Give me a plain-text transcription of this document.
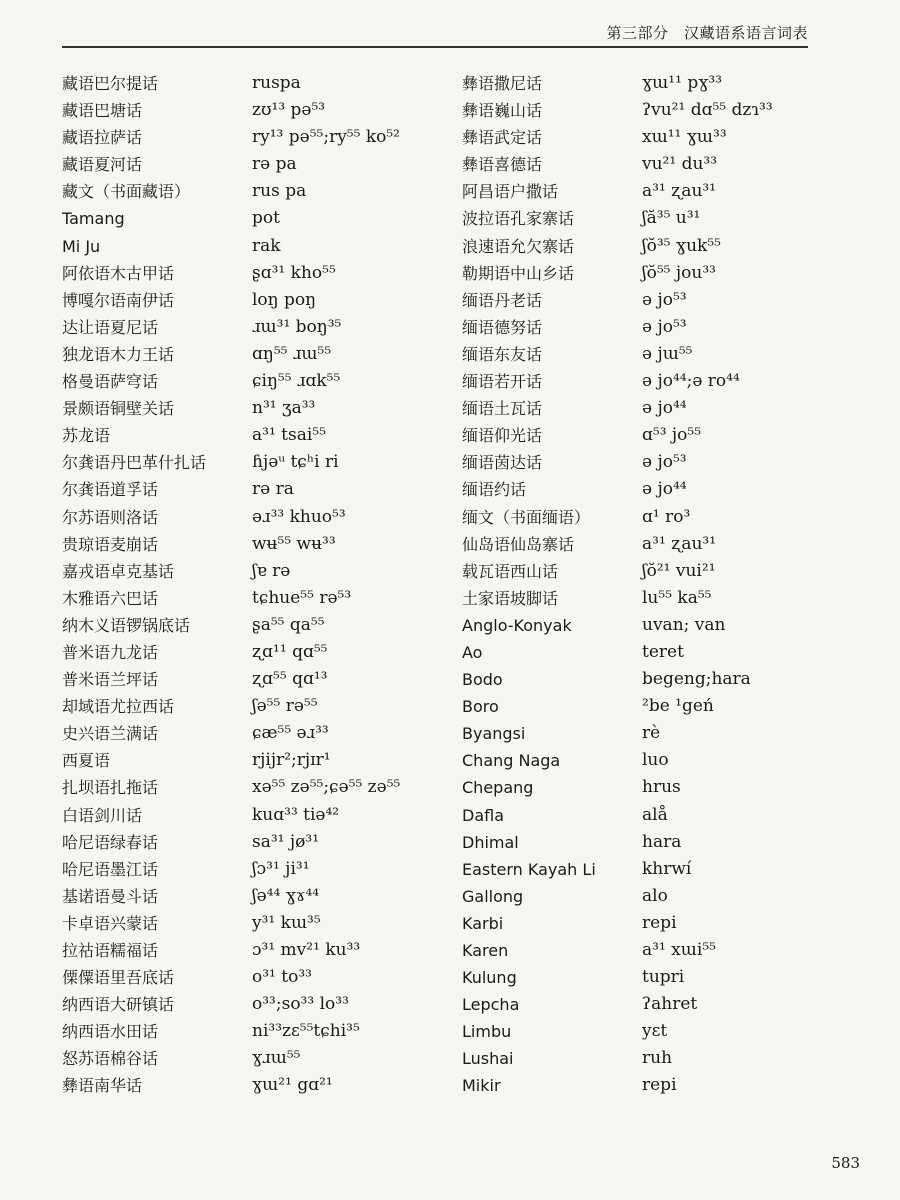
第三部分　汉藏语系语言词表
藏语巴尔提话	ruspa
藏语巴塘话	zʊ¹³ pə⁵³
藏语拉萨话	ry¹³ pə⁵⁵;ry⁵⁵ ko⁵²
藏语夏河话	rə pa
藏文（书面藏语）	rus pa
Tamang	pot
Mi Ju	rak
阿依语木古甲话	ʂɑ³¹ kho⁵⁵
博嘎尔语南伊话	loŋ poŋ
达让语夏尼话	ɹɯ³¹ boŋ³⁵
独龙语木力王话	ɑŋ⁵⁵ ɹɯ⁵⁵
格曼语萨穹话	ɕiŋ⁵⁵ ɹɑk⁵⁵
景颇语铜壁关话	n³¹ ʒa³³
苏龙语	a³¹ tsai⁵⁵
尔龚语丹巴革什扎话	ɦjəᵘ tɕʰi ri
尔龚语道孚话	rə ra
尔苏语则洛话	əɹ³³ khuo⁵³
贵琼语麦崩话	wʉ⁵⁵ wʉ³³
嘉戎语卓克基话	ʃɐ rə
木雅语六巴话	tɕhue⁵⁵ rə⁵³
纳木义语锣锅底话	ʂa⁵⁵ qa⁵⁵
普米语九龙话	ʐɑ¹¹ qɑ⁵⁵
普米语兰坪话	ʐɑ⁵⁵ qɑ¹³
却域语尤拉西话	ʃə⁵⁵ rə⁵⁵
史兴语兰满话	ɕæ⁵⁵ əɹ³³
西夏语	rjijr²;rjɪr¹
扎坝语扎拖话	xə⁵⁵ zə⁵⁵;ɕə⁵⁵ zə⁵⁵
白语剑川话	kuɑ³³ tiə⁴²
哈尼语绿春话	sa³¹ jø³¹
哈尼语墨江话	ʃɔ³¹ ji³¹
基诺语曼斗话	ʃə⁴⁴ ɣɤ⁴⁴
卡卓语兴蒙话	y³¹ kɯ³⁵
拉祜语糯福话	ɔ³¹ mv²¹ ku³³
傈僳语里吾底话	o³¹ to³³
纳西语大研镇话	o³³;so³³ lo³³
纳西语水田话	ni³³zɛ⁵⁵tɕhi³⁵
怒苏语棉谷话	ɣɹɯ⁵⁵
彝语南华话	ɣɯ²¹ gɑ²¹
彝语撒尼话	ɣɯ¹¹ pɣ³³
彝语巍山话	ʔvu²¹ dɑ⁵⁵ dzɿ³³
彝语武定话	xɯ¹¹ ɣɯ³³
彝语喜德话	vu²¹ du³³
阿昌语户撒话	a³¹ ʐau³¹
波拉语孔家寨话	ʃă³⁵ u³¹
浪速语允欠寨话	ʃŏ³⁵ ɣuk⁵⁵
勒期语中山乡话	ʃŏ⁵⁵ jou³³
缅语丹老话	ə jo⁵³
缅语德努话	ə jo⁵³
缅语东友话	ə jɯ⁵⁵
缅语若开话	ə jo⁴⁴;ə ro⁴⁴
缅语土瓦话	ə jo⁴⁴
缅语仰光话	ɑ⁵³ jo⁵⁵
缅语茵达话	ə jo⁵³
缅语约话	ə jo⁴⁴
缅文（书面缅语）	ɑ¹ ro³
仙岛语仙岛寨话	a³¹ ʐau³¹
载瓦语西山话	ʃŏ²¹ vui²¹
土家语坡脚话	lu⁵⁵ ka⁵⁵
Anglo-Konyak	uvan; van
Ao	teret
Bodo	begeng;hara
Boro	²be ¹geń
Byangsi	rè
Chang Naga	luo
Chepang	hrus
Dafla	alå
Dhimal	hara
Eastern Kayah Li	khrwí
Gallong	alo
Karbi	repi
Karen	a³¹ xɯi⁵⁵
Kulung	tupri
Lepcha	ʔahret
Limbu	yɛt
Lushai	ruh
Mikir	repi
583
